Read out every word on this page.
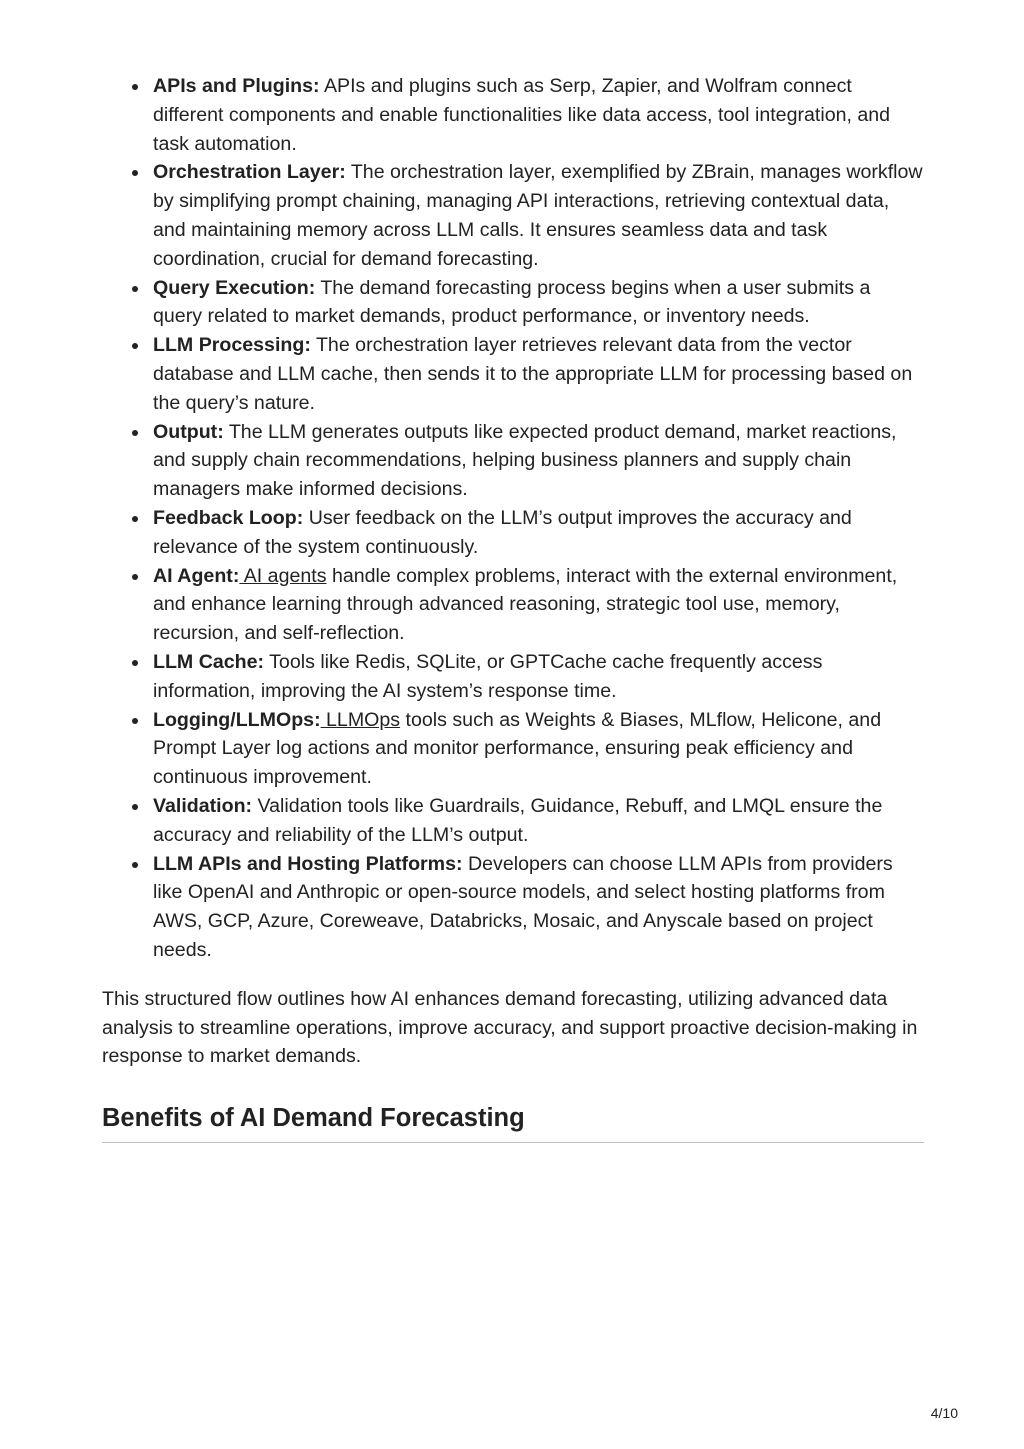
APIs and Plugins: APIs and plugins such as Serp, Zapier, and Wolfram connect different components and enable functionalities like data access, tool integration, and task automation.
Orchestration Layer: The orchestration layer, exemplified by ZBrain, manages workflow by simplifying prompt chaining, managing API interactions, retrieving contextual data, and maintaining memory across LLM calls. It ensures seamless data and task coordination, crucial for demand forecasting.
Query Execution: The demand forecasting process begins when a user submits a query related to market demands, product performance, or inventory needs.
LLM Processing: The orchestration layer retrieves relevant data from the vector database and LLM cache, then sends it to the appropriate LLM for processing based on the query’s nature.
Output: The LLM generates outputs like expected product demand, market reactions, and supply chain recommendations, helping business planners and supply chain managers make informed decisions.
Feedback Loop: User feedback on the LLM’s output improves the accuracy and relevance of the system continuously.
AI Agent: AI agents handle complex problems, interact with the external environment, and enhance learning through advanced reasoning, strategic tool use, memory, recursion, and self-reflection.
LLM Cache: Tools like Redis, SQLite, or GPTCache cache frequently access information, improving the AI system’s response time.
Logging/LLMOps: LLMOps tools such as Weights & Biases, MLflow, Helicone, and Prompt Layer log actions and monitor performance, ensuring peak efficiency and continuous improvement.
Validation: Validation tools like Guardrails, Guidance, Rebuff, and LMQL ensure the accuracy and reliability of the LLM’s output.
LLM APIs and Hosting Platforms: Developers can choose LLM APIs from providers like OpenAI and Anthropic or open-source models, and select hosting platforms from AWS, GCP, Azure, Coreweave, Databricks, Mosaic, and Anyscale based on project needs.

This structured flow outlines how AI enhances demand forecasting, utilizing advanced data analysis to streamline operations, improve accuracy, and support proactive decision-making in response to market demands.

Benefits of AI Demand Forecasting
4/10
